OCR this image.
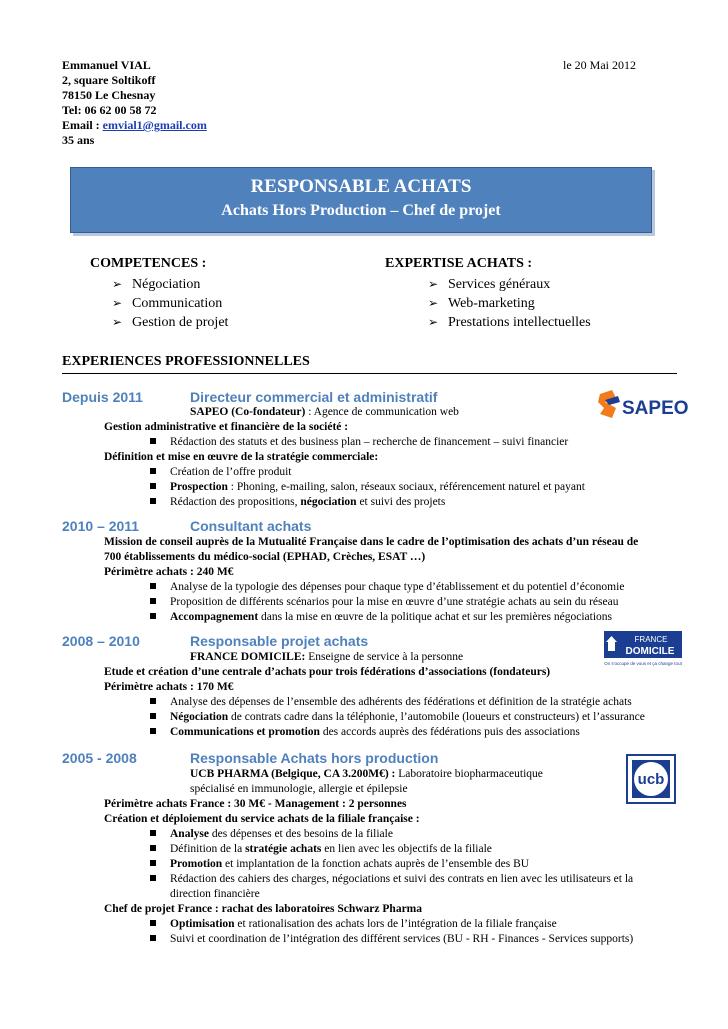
Emmanuel VIAL
2, square Soltikoff
78150 Le Chesnay
Tel: 06 62 00 58 72
Email : emvial1@gmail.com
35 ans
le 20 Mai 2012
RESPONSABLE ACHATS
Achats Hors Production – Chef de projet
COMPETENCES :
➢ Négociation
➢ Communication
➢ Gestion de projet
EXPERTISE ACHATS :
➢ Services généraux
➢ Web-marketing
➢ Prestations intellectuelles
EXPERIENCES PROFESSIONNELLES
Depuis 2011	Directeur commercial et administratif
SAPEO (Co-fondateur) : Agence de communication web	SAPEO
Gestion administrative et financière de la société :
Rédaction des statuts et des business plan – recherche de financement – suivi financier
Définition et mise en œuvre de la stratégie commerciale:
Création de l’offre produit
Prospection : Phoning, e-mailing, salon, réseaux sociaux, référencement naturel et payant
Rédaction des propositions, négociation et suivi des projets
2010 – 2011	Consultant achats
Mission de conseil auprès de la Mutualité Française dans le cadre de l’optimisation des achats d’un réseau de
700 établissements du médico-social (EPHAD, Crèches, ESAT …)
Périmètre achats : 240 M€
Analyse de la typologie des dépenses pour chaque type d’établissement et du potentiel d’économie
Proposition de différents scénarios pour la mise en œuvre d’une stratégie achats au sein du réseau
Accompagnement dans la mise en œuvre de la politique achat et sur les premières négociations
2008 – 2010	Responsable projet achats
FRANCE DOMICILE: Enseigne de service à la personne
FRANCE
DOMICILE
On s'occupe de vous et ça change tout
Etude et création d’une centrale d’achats pour trois fédérations d’associations (fondateurs)
Périmètre achats : 170 M€
Analyse des dépenses de l’ensemble des adhérents des fédérations et définition de la stratégie achats
Négociation de contrats cadre dans la téléphonie, l’automobile (loueurs et constructeurs) et l’assurance
Communications et promotion des accords auprès des fédérations puis des associations
2005 - 2008	Responsable Achats hors production
UCB PHARMA (Belgique, CA 3.200M€) : Laboratoire biopharmaceutique
spécialisé en immunologie, allergie et épilepsie
ucb
Périmètre achats France : 30 M€ - Management : 2 personnes
Création et déploiement du service achats de la filiale française :
Analyse des dépenses et des besoins de la filiale
Définition de la stratégie achats en lien avec les objectifs de la filiale
Promotion et implantation de la fonction achats auprès de l’ensemble des BU
Rédaction des cahiers des charges, négociations et suivi des contrats en lien avec les utilisateurs et la
direction financière
Chef de projet France : rachat des laboratoires Schwarz Pharma
Optimisation et rationalisation des achats lors de l’intégration de la filiale française
Suivi et coordination de l’intégration des différent services (BU - RH - Finances - Services supports)
